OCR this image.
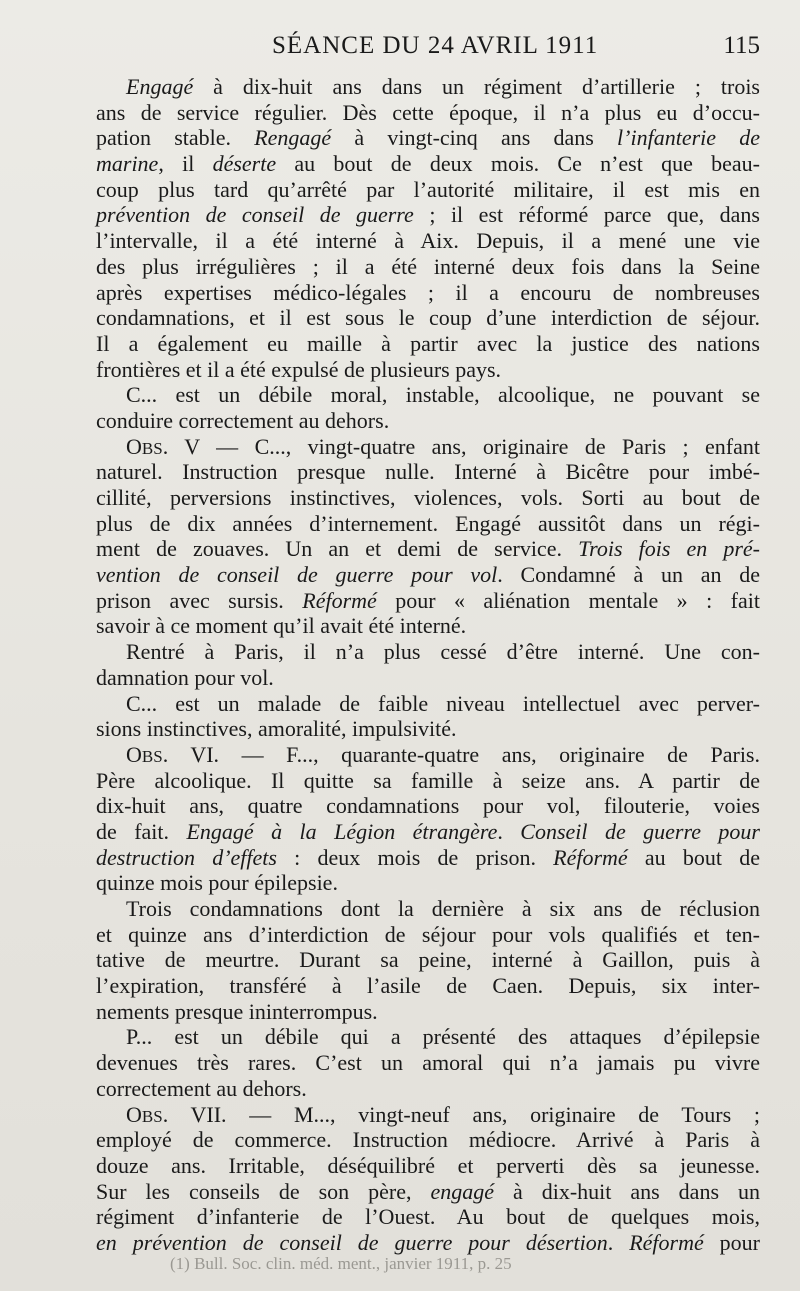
SÉANCE DU 24 AVRIL 1911	115
Engagé à dix-huit ans dans un régiment d’artillerie ; trois
ans de service régulier. Dès cette époque, il n’a plus eu d’occu-
pation stable. Rengagé à vingt-cinq ans dans l’infanterie de
marine, il déserte au bout de deux mois. Ce n’est que beau-
coup plus tard qu’arrêté par l’autorité militaire, il est mis en
prévention de conseil de guerre ; il est réformé parce que, dans
l’intervalle, il a été interné à Aix. Depuis, il a mené une vie
des plus irrégulières ; il a été interné deux fois dans la Seine
après expertises médico-légales ; il a encouru de nombreuses
condamnations, et il est sous le coup d’une interdiction de séjour.
Il a également eu maille à partir avec la justice des nations
frontières et il a été expulsé de plusieurs pays.
C... est un débile moral, instable, alcoolique, ne pouvant se
conduire correctement au dehors.
OBS. V — C..., vingt-quatre ans, originaire de Paris ; enfant
naturel. Instruction presque nulle. Interné à Bicêtre pour imbé-
cillité, perversions instinctives, violences, vols. Sorti au bout de
plus de dix années d’internement. Engagé aussitôt dans un régi-
ment de zouaves. Un an et demi de service. Trois fois en pré-
vention de conseil de guerre pour vol. Condamné à un an de
prison avec sursis. Réformé pour « aliénation mentale » : fait
savoir à ce moment qu’il avait été interné.
Rentré à Paris, il n’a plus cessé d’être interné. Une con-
damnation pour vol.
C... est un malade de faible niveau intellectuel avec perver-
sions instinctives, amoralité, impulsivité.
OBS. VI. — F..., quarante-quatre ans, originaire de Paris.
Père alcoolique. Il quitte sa famille à seize ans. A partir de
dix-huit ans, quatre condamnations pour vol, filouterie, voies
de fait. Engagé à la Légion étrangère. Conseil de guerre pour
destruction d’effets : deux mois de prison. Réformé au bout de
quinze mois pour épilepsie.
Trois condamnations dont la dernière à six ans de réclusion
et quinze ans d’interdiction de séjour pour vols qualifiés et ten-
tative de meurtre. Durant sa peine, interné à Gaillon, puis à
l’expiration, transféré à l’asile de Caen. Depuis, six inter-
nements presque ininterrompus.
P... est un débile qui a présenté des attaques d’épilepsie
devenues très rares. C’est un amoral qui n’a jamais pu vivre
correctement au dehors.
OBS. VII. — M..., vingt-neuf ans, originaire de Tours ;
employé de commerce. Instruction médiocre. Arrivé à Paris à
douze ans. Irritable, déséquilibré et perverti dès sa jeunesse.
Sur les conseils de son père, engagé à dix-huit ans dans un
régiment d’infanterie de l’Ouest. Au bout de quelques mois,
en prévention de conseil de guerre pour désertion. Réformé pour
(1) Bull. Soc. clin. méd. ment., janvier 1911, p. 25
